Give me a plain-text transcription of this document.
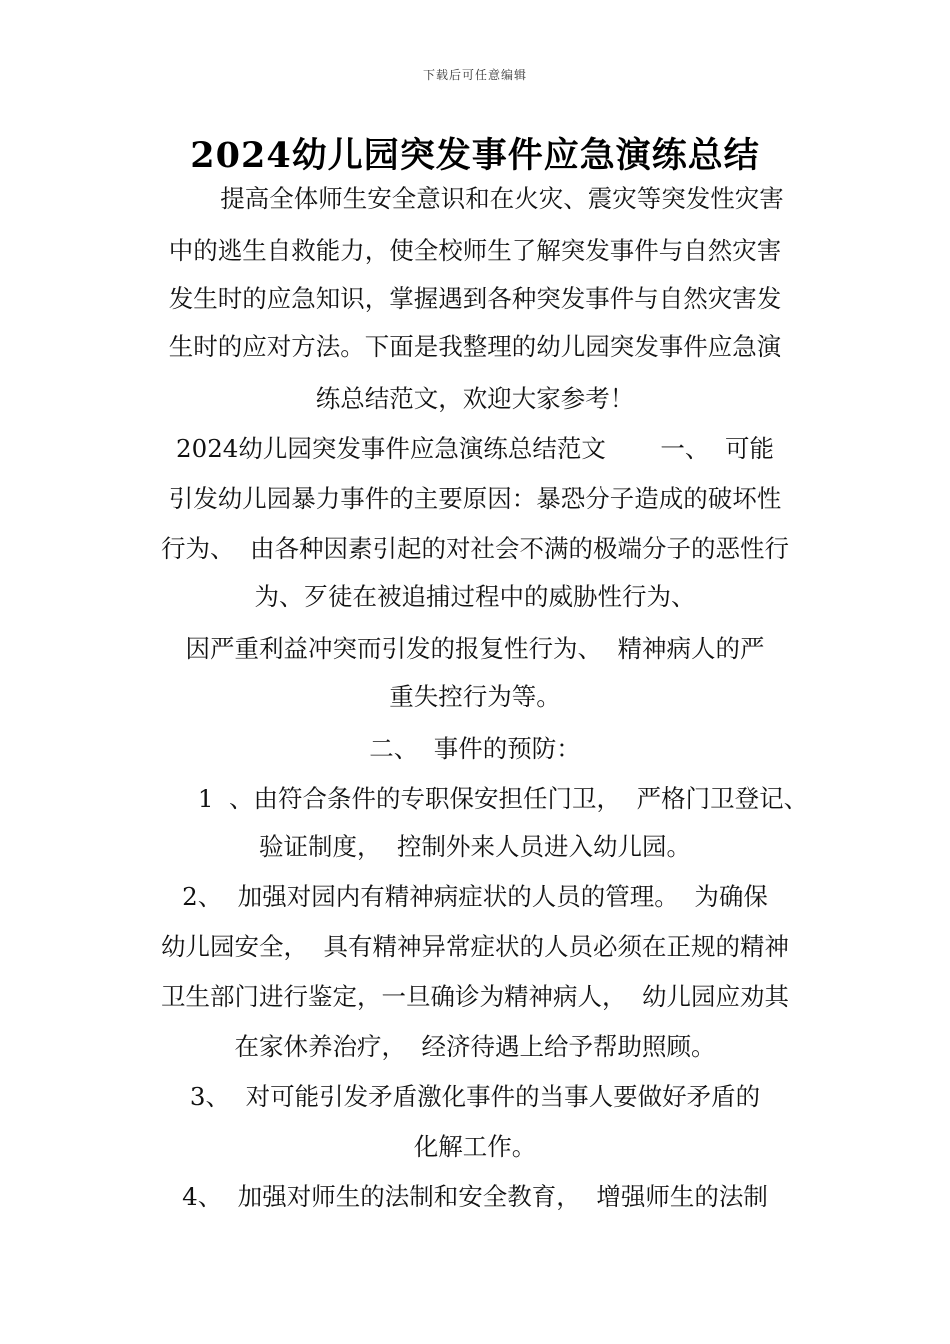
下载后可任意编辑
2024幼儿园突发事件应急演练总结
提高全体师生安全意识和在火灾、震灾等突发性灾害
中的逃生自救能力，使全校师生了解突发事件与自然灾害
发生时的应急知识，掌握遇到各种突发事件与自然灾害发
生时的应对方法。下面是我整理的幼儿园突发事件应急演
练总结范文，欢迎大家参考！
2024幼儿园突发事件应急演练总结范文       一、  可能
引发幼儿园暴力事件的主要原因：暴恐分子造成的破坏性
行为、  由各种因素引起的对社会不满的极端分子的恶性行
为、歹徒在被追捕过程中的威胁性行为、
因严重利益冲突而引发的报复性行为、  精神病人的严
重失控行为等。
二、  事件的预防：
1  、由符合条件的专职保安担任门卫，  严格门卫登记、
验证制度，  控制外来人员进入幼儿园。
2、  加强对园内有精神病症状的人员的管理。  为确保
幼儿园安全，  具有精神异常症状的人员必须在正规的精神
卫生部门进行鉴定，一旦确诊为精神病人，  幼儿园应劝其
在家休养治疗，  经济待遇上给予帮助照顾。
3、  对可能引发矛盾激化事件的当事人要做好矛盾的
化解工作。
4、  加强对师生的法制和安全教育，  增强师生的法制
